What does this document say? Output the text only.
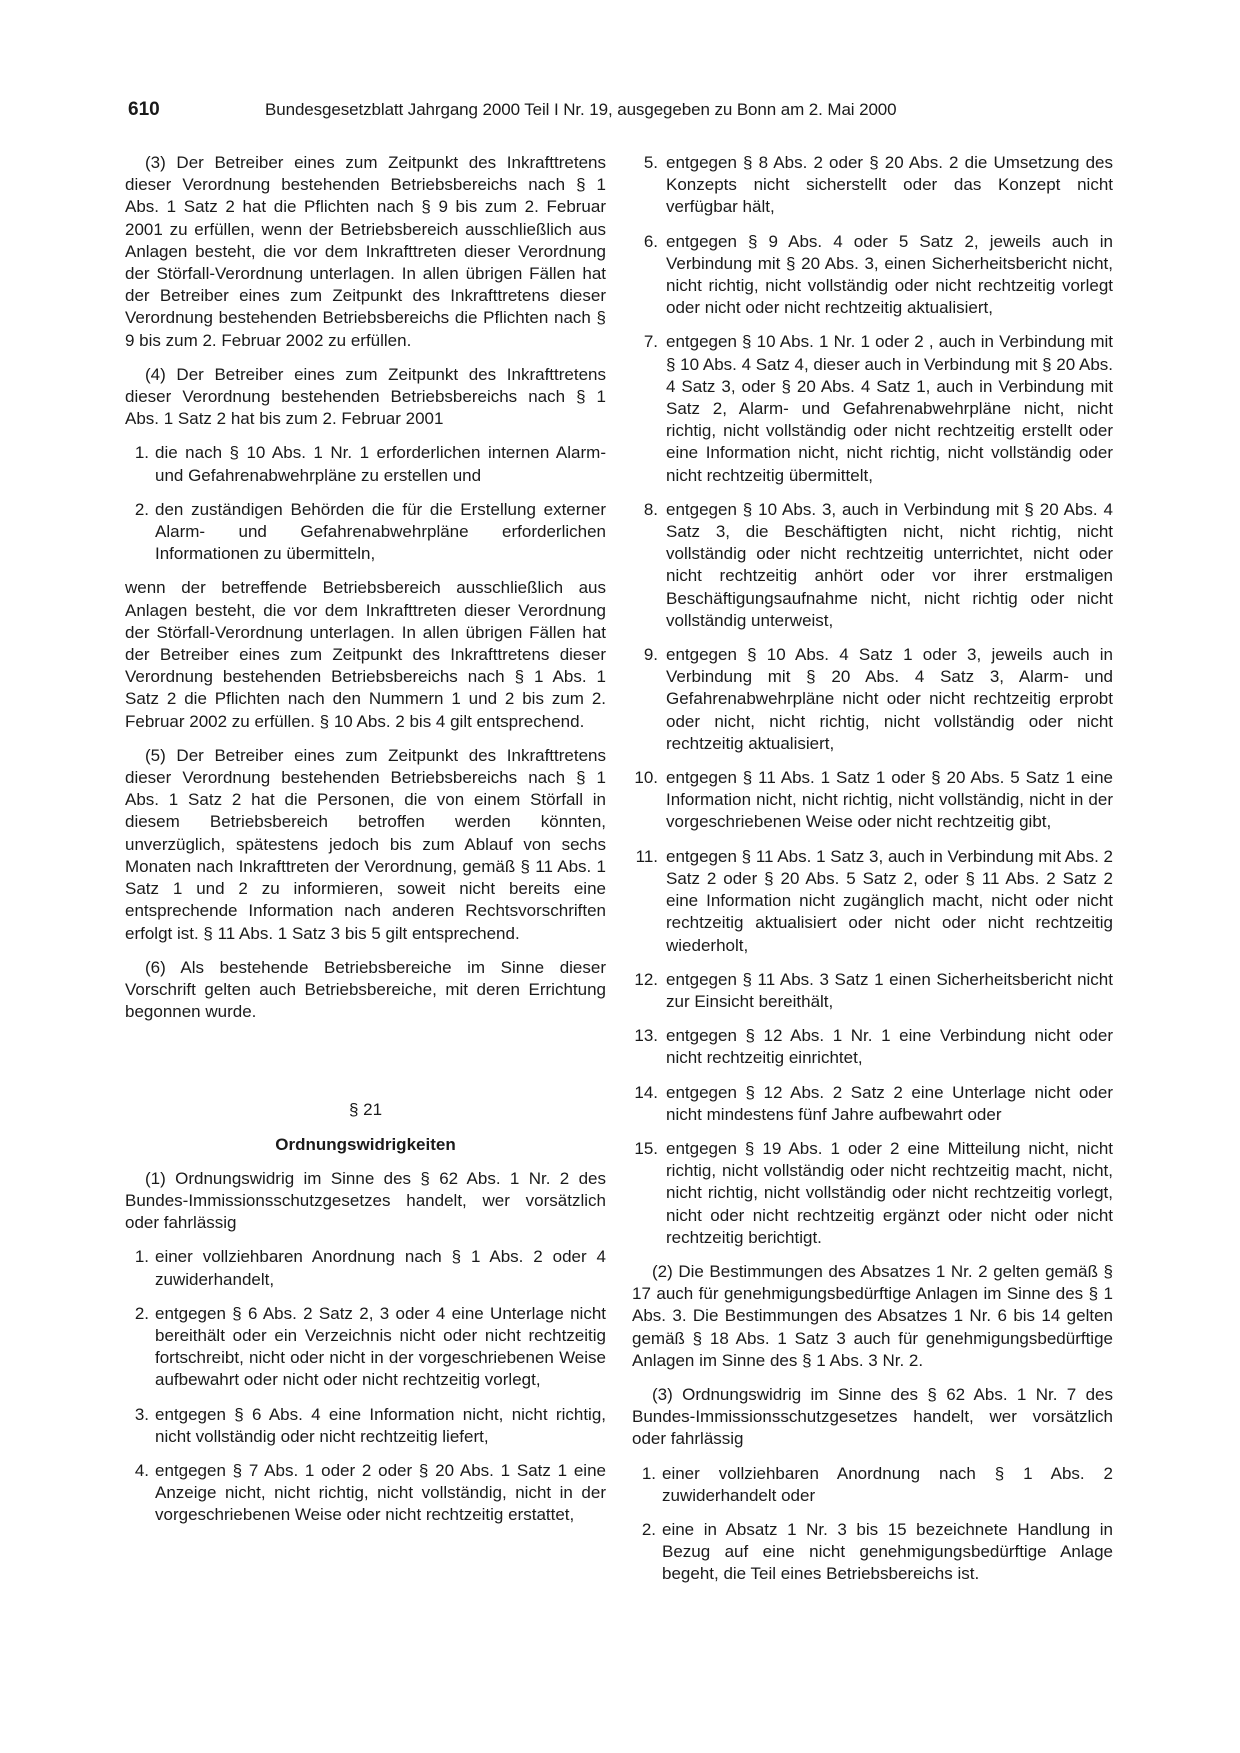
610	Bundesgesetzblatt Jahrgang 2000 Teil I Nr. 19, ausgegeben zu Bonn am 2. Mai 2000

(3) Der Betreiber eines zum Zeitpunkt des Inkrafttretens dieser Verordnung bestehenden Betriebsbereichs nach § 1 Abs. 1 Satz 2 hat die Pflichten nach § 9 bis zum 2. Februar 2001 zu erfüllen, wenn der Betriebsbereich ausschließlich aus Anlagen besteht, die vor dem Inkrafttreten dieser Verordnung der Störfall-Verordnung unterlagen. In allen übrigen Fällen hat der Betreiber eines zum Zeitpunkt des Inkrafttretens dieser Verordnung bestehenden Betriebsbereichs die Pflichten nach § 9 bis zum 2. Februar 2002 zu erfüllen.

(4) Der Betreiber eines zum Zeitpunkt des Inkrafttretens dieser Verordnung bestehenden Betriebsbereichs nach § 1 Abs. 1 Satz 2 hat bis zum 2. Februar 2001

1. die nach § 10 Abs. 1 Nr. 1 erforderlichen internen Alarm- und Gefahrenabwehrpläne zu erstellen und
2. den zuständigen Behörden die für die Erstellung externer Alarm- und Gefahrenabwehrpläne erforderlichen Informationen zu übermitteln,

wenn der betreffende Betriebsbereich ausschließlich aus Anlagen besteht, die vor dem Inkrafttreten dieser Verordnung der Störfall-Verordnung unterlagen. In allen übrigen Fällen hat der Betreiber eines zum Zeitpunkt des Inkrafttretens dieser Verordnung bestehenden Betriebsbereichs nach § 1 Abs. 1 Satz 2 die Pflichten nach den Nummern 1 und 2 bis zum 2. Februar 2002 zu erfüllen. § 10 Abs. 2 bis 4 gilt entsprechend.

(5) Der Betreiber eines zum Zeitpunkt des Inkrafttretens dieser Verordnung bestehenden Betriebsbereichs nach § 1 Abs. 1 Satz 2 hat die Personen, die von einem Störfall in diesem Betriebsbereich betroffen werden könnten, unverzüglich, spätestens jedoch bis zum Ablauf von sechs Monaten nach Inkrafttreten der Verordnung, gemäß § 11 Abs. 1 Satz 1 und 2 zu informieren, soweit nicht bereits eine entsprechende Information nach anderen Rechtsvorschriften erfolgt ist. § 11 Abs. 1 Satz 3 bis 5 gilt entsprechend.

(6) Als bestehende Betriebsbereiche im Sinne dieser Vorschrift gelten auch Betriebsbereiche, mit deren Errichtung begonnen wurde.

§ 21
Ordnungswidrigkeiten

(1) Ordnungswidrig im Sinne des § 62 Abs. 1 Nr. 2 des Bundes-Immissionsschutzgesetzes handelt, wer vorsätzlich oder fahrlässig

1. einer vollziehbaren Anordnung nach § 1 Abs. 2 oder 4 zuwiderhandelt,
2. entgegen § 6 Abs. 2 Satz 2, 3 oder 4 eine Unterlage nicht bereithält oder ein Verzeichnis nicht oder nicht rechtzeitig fortschreibt, nicht oder nicht in der vorgeschriebenen Weise aufbewahrt oder nicht oder nicht rechtzeitig vorlegt,
3. entgegen § 6 Abs. 4 eine Information nicht, nicht richtig, nicht vollständig oder nicht rechtzeitig liefert,
4. entgegen § 7 Abs. 1 oder 2 oder § 20 Abs. 1 Satz 1 eine Anzeige nicht, nicht richtig, nicht vollständig, nicht in der vorgeschriebenen Weise oder nicht rechtzeitig erstattet,
5. entgegen § 8 Abs. 2 oder § 20 Abs. 2 die Umsetzung des Konzepts nicht sicherstellt oder das Konzept nicht verfügbar hält,
6. entgegen § 9 Abs. 4 oder 5 Satz 2, jeweils auch in Verbindung mit § 20 Abs. 3, einen Sicherheitsbericht nicht, nicht richtig, nicht vollständig oder nicht rechtzeitig vorlegt oder nicht oder nicht rechtzeitig aktualisiert,
7. entgegen § 10 Abs. 1 Nr. 1 oder 2 , auch in Verbindung mit § 10 Abs. 4 Satz 4, dieser auch in Verbindung mit § 20 Abs. 4 Satz 3, oder § 20 Abs. 4 Satz 1, auch in Verbindung mit Satz 2, Alarm- und Gefahrenabwehrpläne nicht, nicht richtig, nicht vollständig oder nicht rechtzeitig erstellt oder eine Information nicht, nicht richtig, nicht vollständig oder nicht rechtzeitig übermittelt,
8. entgegen § 10 Abs. 3, auch in Verbindung mit § 20 Abs. 4 Satz 3, die Beschäftigten nicht, nicht richtig, nicht vollständig oder nicht rechtzeitig unterrichtet, nicht oder nicht rechtzeitig anhört oder vor ihrer erstmaligen Beschäftigungsaufnahme nicht, nicht richtig oder nicht vollständig unterweist,
9. entgegen § 10 Abs. 4 Satz 1 oder 3, jeweils auch in Verbindung mit § 20 Abs. 4 Satz 3, Alarm- und Gefahrenabwehrpläne nicht oder nicht rechtzeitig erprobt oder nicht, nicht richtig, nicht vollständig oder nicht rechtzeitig aktualisiert,
10. entgegen § 11 Abs. 1 Satz 1 oder § 20 Abs. 5 Satz 1 eine Information nicht, nicht richtig, nicht vollständig, nicht in der vorgeschriebenen Weise oder nicht rechtzeitig gibt,
11. entgegen § 11 Abs. 1 Satz 3, auch in Verbindung mit Abs. 2 Satz 2 oder § 20 Abs. 5 Satz 2, oder § 11 Abs. 2 Satz 2 eine Information nicht zugänglich macht, nicht oder nicht rechtzeitig aktualisiert oder nicht oder nicht rechtzeitig wiederholt,
12. entgegen § 11 Abs. 3 Satz 1 einen Sicherheitsbericht nicht zur Einsicht bereithält,
13. entgegen § 12 Abs. 1 Nr. 1 eine Verbindung nicht oder nicht rechtzeitig einrichtet,
14. entgegen § 12 Abs. 2 Satz 2 eine Unterlage nicht oder nicht mindestens fünf Jahre aufbewahrt oder
15. entgegen § 19 Abs. 1 oder 2 eine Mitteilung nicht, nicht richtig, nicht vollständig oder nicht rechtzeitig macht, nicht, nicht richtig, nicht vollständig oder nicht rechtzeitig vorlegt, nicht oder nicht rechtzeitig ergänzt oder nicht oder nicht rechtzeitig berichtigt.

(2) Die Bestimmungen des Absatzes 1 Nr. 2 gelten gemäß § 17 auch für genehmigungsbedürftige Anlagen im Sinne des § 1 Abs. 3. Die Bestimmungen des Absatzes 1 Nr. 6 bis 14 gelten gemäß § 18 Abs. 1 Satz 3 auch für genehmigungsbedürftige Anlagen im Sinne des § 1 Abs. 3 Nr. 2.

(3) Ordnungswidrig im Sinne des § 62 Abs. 1 Nr. 7 des Bundes-Immissionsschutzgesetzes handelt, wer vorsätzlich oder fahrlässig

1. einer vollziehbaren Anordnung nach § 1 Abs. 2 zuwiderhandelt oder
2. eine in Absatz 1 Nr. 3 bis 15 bezeichnete Handlung in Bezug auf eine nicht genehmigungsbedürftige Anlage begeht, die Teil eines Betriebsbereichs ist.
